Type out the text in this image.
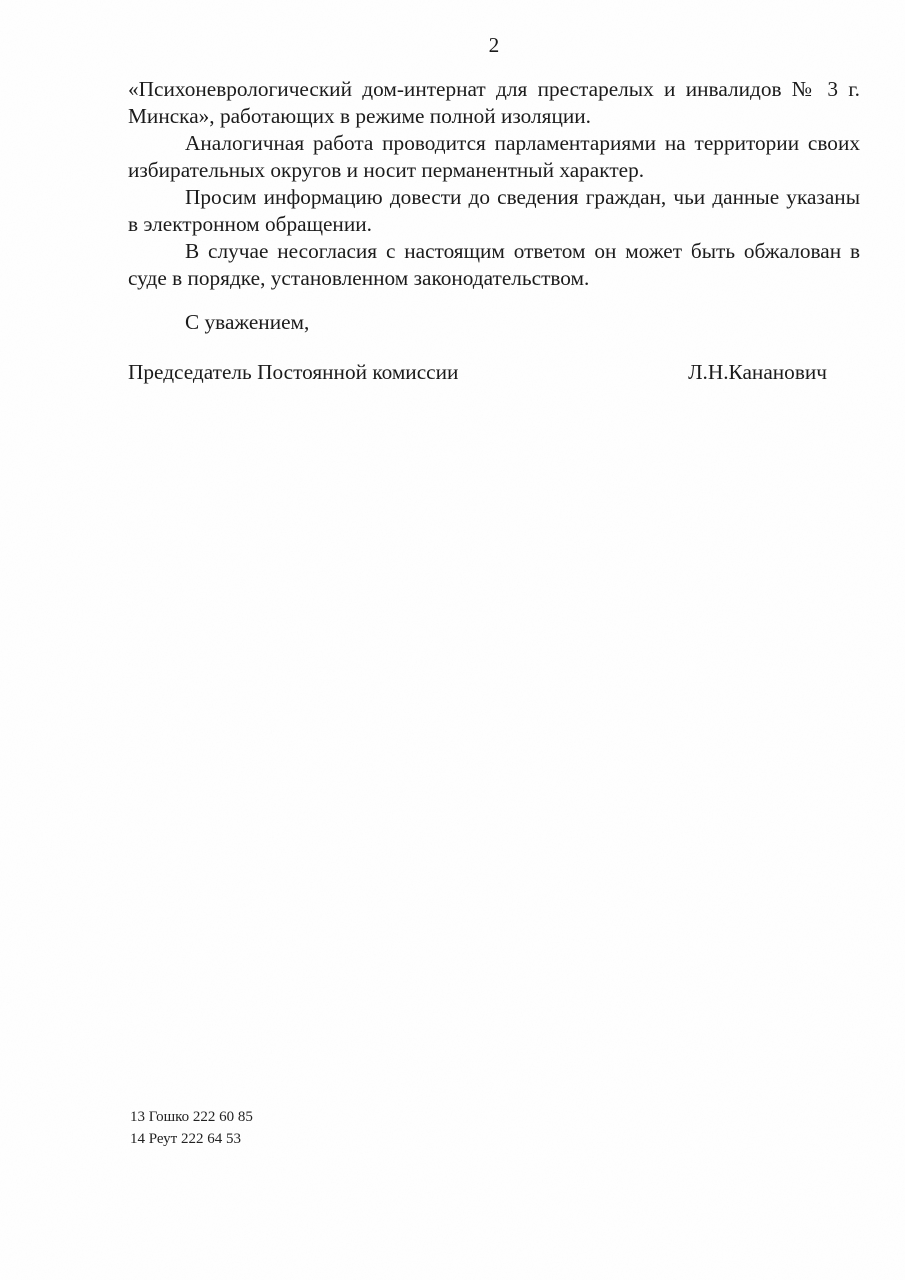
2

«Психоневрологический дом-интернат для престарелых и инвалидов № 3 г. Минска», работающих в режиме полной изоляции.

Аналогичная работа проводится парламентариями на территории своих избирательных округов и носит перманентный характер.

Просим информацию довести до сведения граждан, чьи данные указаны в электронном обращении.

В случае несогласия с настоящим ответом он может быть обжалован в суде в порядке, установленном законодательством.

С уважением,

Председатель Постоянной комиссии	Л.Н.Кананович
13 Гошко 222 60 85
14 Реут 222 64 53
